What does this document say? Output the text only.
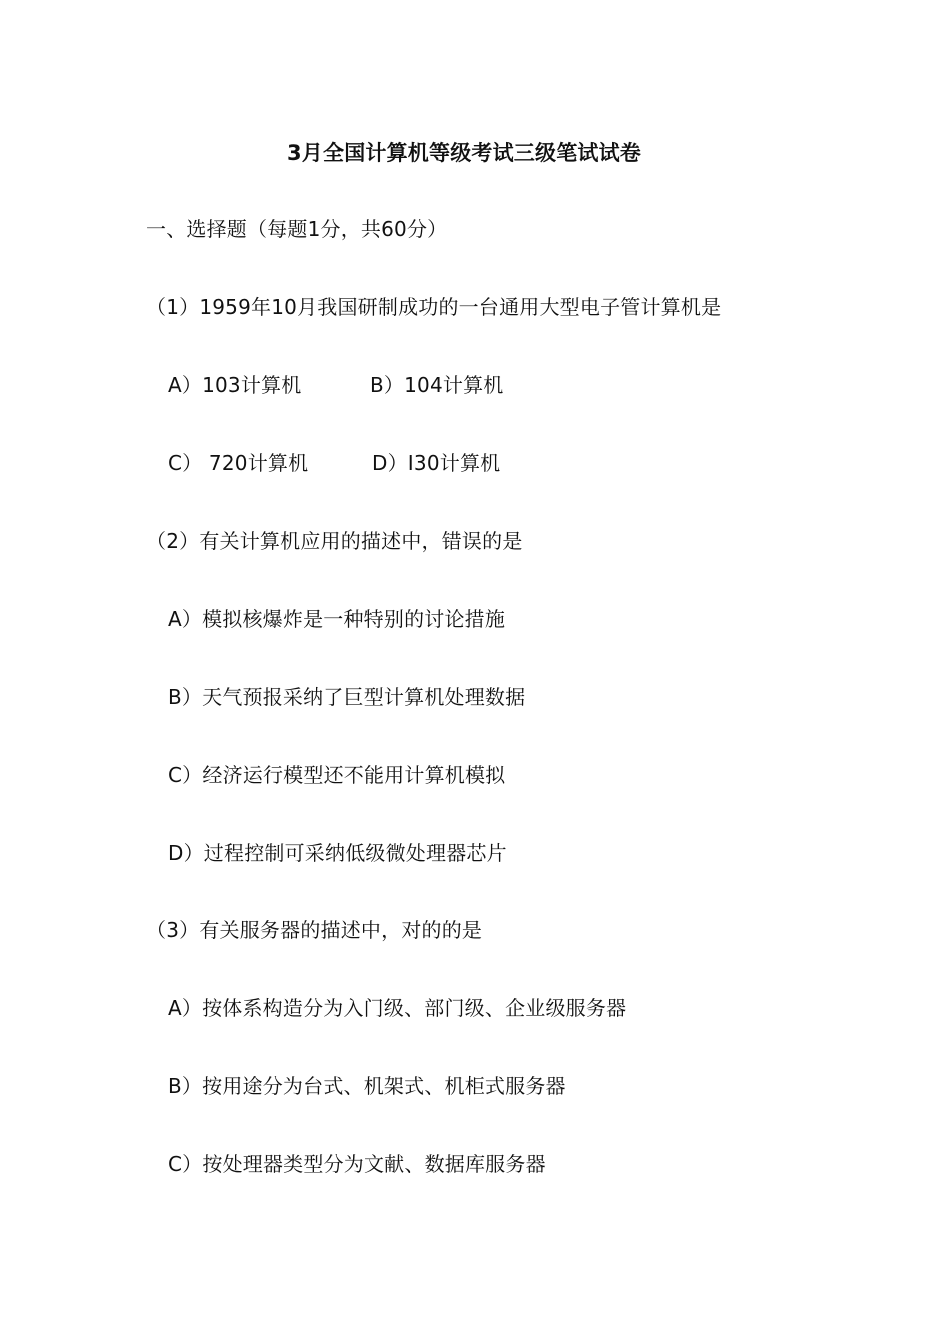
3月全国计算机等级考试三级笔试试卷
一、选择题（每题1分，共60分）
（1）1959年10月我国研制成功的一台通用大型电子管计算机是
A）103计算机	B）104计算机
C） 720计算机	D）I30计算机
（2）有关计算机应用的描述中，错误的是
A）模拟核爆炸是一种特别的讨论措施
B）天气预报采纳了巨型计算机处理数据
C）经济运行模型还不能用计算机模拟
D）过程控制可采纳低级微处理器芯片
（3）有关服务器的描述中，对的的是
A）按体系构造分为入门级、部门级、企业级服务器
B）按用途分为台式、机架式、机柜式服务器
C）按处理器类型分为文献、数据库服务器
